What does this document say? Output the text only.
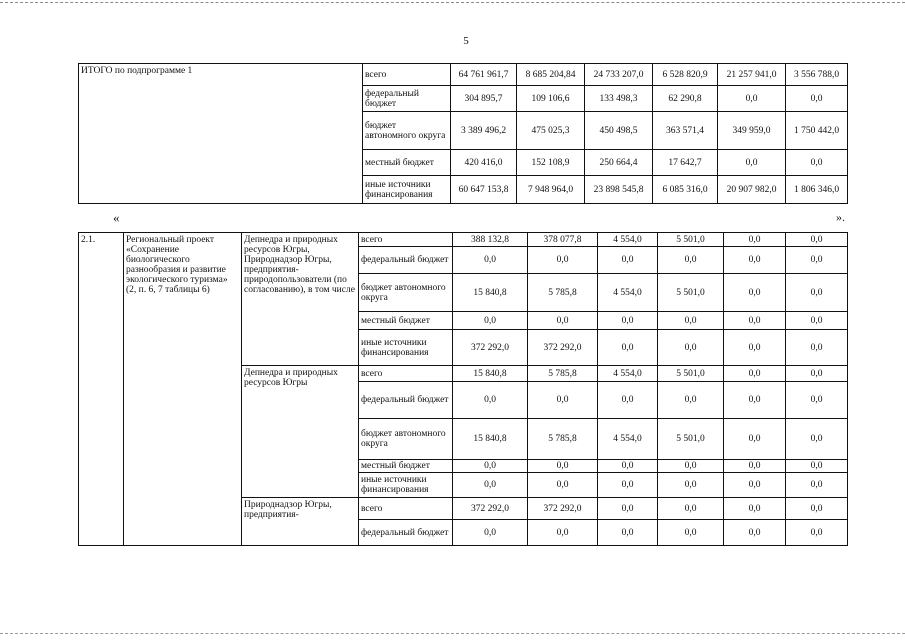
5
ИТОГО по подпрограмме 1	всего	64 761 961,7	8 685 204,84	24 733 207,0	6 528 820,9	21 257 941,0	3 556 788,0
	федеральный бюджет	304 895,7	109 106,6	133 498,3	62 290,8	0,0	0,0
	бюджет автономного округа	3 389 496,2	475 025,3	450 498,5	363 571,4	349 959,0	1 750 442,0
	местный бюджет	420 416,0	152 108,9	250 664,4	17 642,7	0,0	0,0
	иные источники финансирования	60 647 153,8	7 948 964,0	23 898 545,8	6 085 316,0	20 907 982,0	1 806 346,0
«	».
2.1.	Региональный проект «Сохранение биологического разнообразия и развитие экологического туризма» (2, п. 6, 7 таблицы 6)	Депнедра и природных ресурсов Югры, Природнадзор Югры, предприятия-природопользователи (по согласованию), в том числе	всего	388 132,8	378 077,8	4 554,0	5 501,0	0,0	0,0
			федеральный бюджет	0,0	0,0	0,0	0,0	0,0	0,0
			бюджет автономного округа	15 840,8	5 785,8	4 554,0	5 501,0	0,0	0,0
			местный бюджет	0,0	0,0	0,0	0,0	0,0	0,0
			иные источники финансирования	372 292,0	372 292,0	0,0	0,0	0,0	0,0
		Депнедра и природных ресурсов Югры	всего	15 840,8	5 785,8	4 554,0	5 501,0	0,0	0,0
			федеральный бюджет	0,0	0,0	0,0	0,0	0,0	0,0
			бюджет автономного округа	15 840,8	5 785,8	4 554,0	5 501,0	0,0	0,0
			местный бюджет	0,0	0,0	0,0	0,0	0,0	0,0
			иные источники финансирования	0,0	0,0	0,0	0,0	0,0	0,0
		Природнадзор Югры, предприятия-	всего	372 292,0	372 292,0	0,0	0,0	0,0	0,0
			федеральный бюджет	0,0	0,0	0,0	0,0	0,0	0,0
